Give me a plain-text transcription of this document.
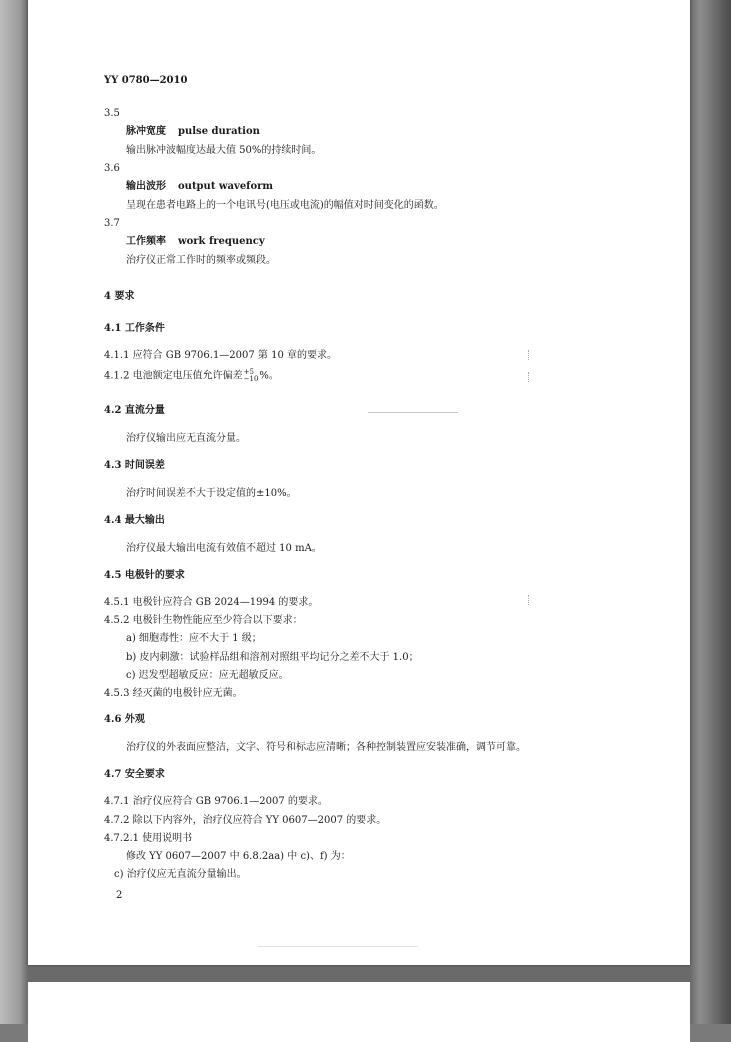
YY 0780—2010
3.5
脉冲宽度 pulse duration
输出脉冲波幅度达最大值 50%的持续时间。
3.6
输出波形 output waveform
呈现在患者电路上的一个电讯号(电压或电流)的幅值对时间变化的函数。
3.7
工作频率 work frequency
治疗仪正常工作时的频率或频段。
4 要求
4.1 工作条件
4.1.1 应符合 GB 9706.1—2007 第 10 章的要求。
4.1.2 电池额定电压值允许偏差 +5
−10 %。
4.2 直流分量
治疗仪输出应无直流分量。
4.3 时间误差
治疗时间误差不大于设定值的±10%。
4.4 最大输出
治疗仪最大输出电流有效值不超过 10 mA。
4.5 电极针的要求
4.5.1 电极针应符合 GB 2024—1994 的要求。
4.5.2 电极针生物性能应至少符合以下要求：
a) 细胞毒性：应不大于 1 级；
b) 皮内刺激：试验样品组和溶剂对照组平均记分之差不大于 1.0；
c) 迟发型超敏反应：应无超敏反应。
4.5.3 经灭菌的电极针应无菌。
4.6 外观
治疗仪的外表面应整洁，文字、符号和标志应清晰；各种控制装置应安装准确，调节可靠。
4.7 安全要求
4.7.1 治疗仪应符合 GB 9706.1—2007 的要求。
4.7.2 除以下内容外，治疗仪应符合 YY 0607—2007 的要求。
4.7.2.1 使用说明书
修改 YY 0607—2007 中 6.8.2aa) 中 c)、f) 为：
c) 治疗仪应无直流分量输出。
2
